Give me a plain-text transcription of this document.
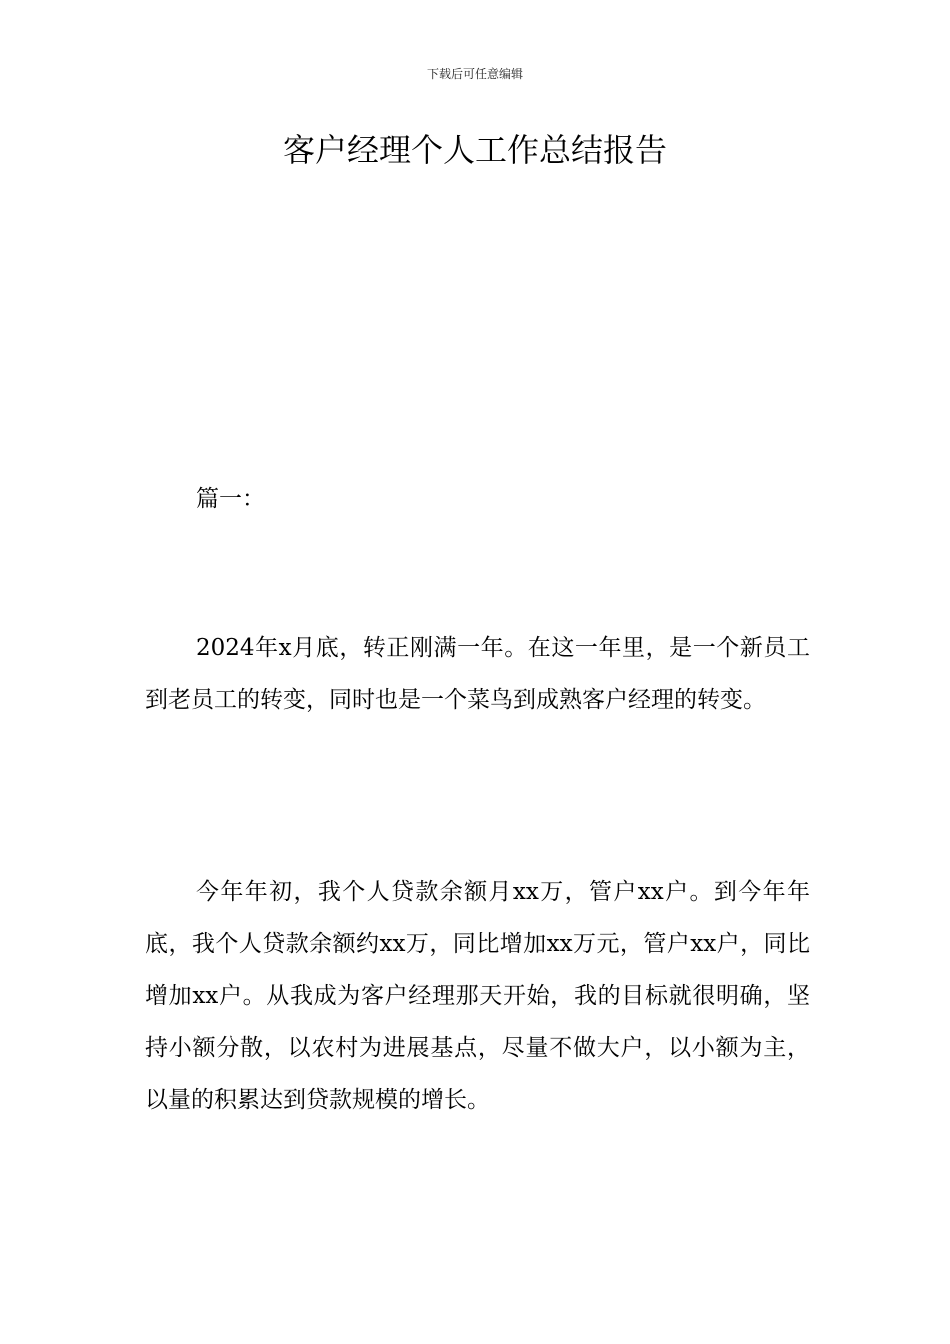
下载后可任意编辑
客户经理个人工作总结报告

篇一：

2024年x月底，转正刚满一年。在这一年里，是一个新员工到老员工的转变，同时也是一个菜鸟到成熟客户经理的转变。

今年年初，我个人贷款余额月xx万，管户xx户。到今年年底，我个人贷款余额约xx万，同比增加xx万元，管户xx户，同比增加xx户。从我成为客户经理那天开始，我的目标就很明确，坚持小额分散，以农村为进展基点，尽量不做大户，以小额为主，以量的积累达到贷款规模的增长。
